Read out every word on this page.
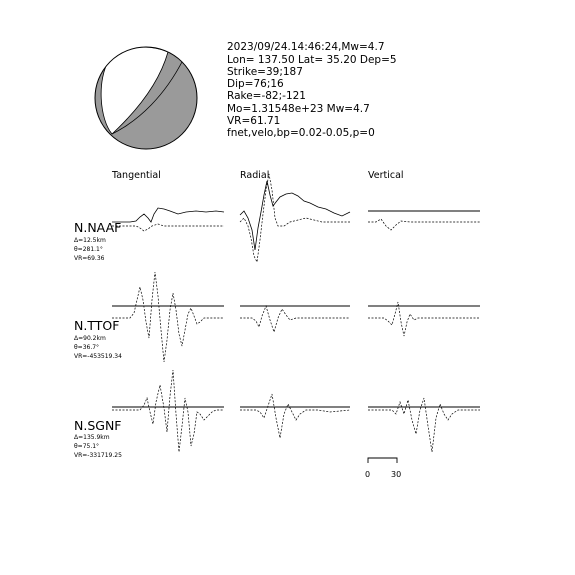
2023/09/24.14:46:24,Mw=4.7
Lon= 137.50 Lat= 35.20 Dep=5
Strike=39;187
Dip=76;16
Rake=-82;-121
Mo=1.31548e+23 Mw=4.7
VR=61.71
fnet,velo,bp=0.02-0.05,p=0
Tangential	Radial	Vertical
N.NAAF
Δ=12.5km
θ=281.1°
VR=69.36
N.TTOF
Δ=90.2km
θ=36.7°
VR=-453519.34
N.SGNF
Δ=135.9km
θ=75.1°
VR=-331719.25
0	30
